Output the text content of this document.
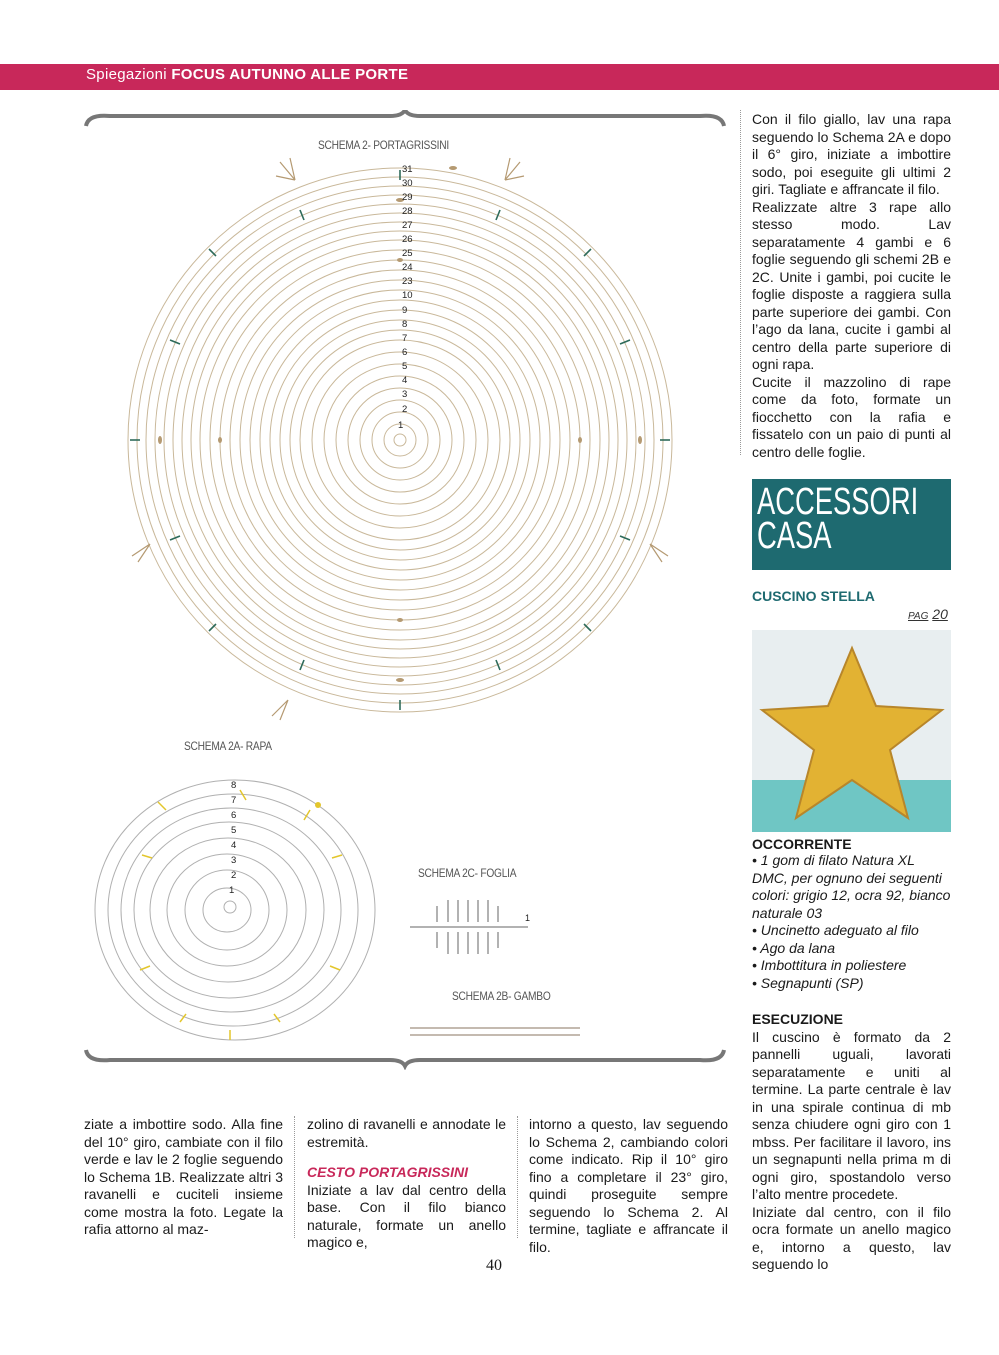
Spiegazioni FOCUS AUTUNNO ALLE PORTE
31
30
29
28
27
26
25
24
23
10
9
8
7
6
5
4
3
2
1
8
7
6
5
4
3
2
1
1
SCHEMA 2- PORTAGRISSINI
SCHEMA 2A- RAPA
SCHEMA 2C- FOGLIA
SCHEMA 2B- GAMBO
ACCESSORI
CASA

Con il filo giallo, lav una rapa seguendo lo Schema 2A e dopo il 6° giro, iniziate a imbottire sodo, poi eseguite gli ultimi 2 giri. Tagliate e affrancate il filo.

Realizzate altre 3 rape allo stesso modo. Lav separatamente 4 gambi e 6 foglie seguendo gli schemi 2B e 2C. Unite i gambi, poi cucite le foglie disposte a raggiera sulla parte superiore dei gambi. Con l’ago da lana, cucite i gambi al centro della parte superiore di ogni rapa.

Cucite il mazzolino di rape come da foto, formate un fiocchetto con la rafia e fissatelo con un paio di punti al centro delle foglie.

CUSCINO STELLA
PAG 20
OCCORRENTE
• 1 gom di filato Natura XL DMC, per ognuno dei seguenti colori: grigio 12, ocra 92, bianco naturale 03
• Uncinetto adeguato al filo
• Ago da lana
• Imbottitura in poliestere
• Segnapunti (SP)
ESECUZIONE

Il cuscino è formato da 2 pannelli uguali, lavorati separatamente e uniti al termine. La parte centrale è lav in una spirale continua di mb senza chiudere ogni giro con 1 mbss. Per facilitare il lavoro, ins un segnapunti nella prima m di ogni giro, spostandolo verso l’alto mentre procedete.

Iniziate dal centro, con il filo ocra formate un anello magico e, intorno a questo, lav seguendo lo

ziate a imbottire sodo. Alla fine del 10° giro, cambiate con il filo verde e lav le 2 foglie seguendo lo Schema 1B. Realizzate altri 3 ravanelli e cuciteli insieme come mostra la foto. Legate la rafia attorno al maz-

zolino di ravanelli e annodate le estremità.

CESTO PORTAGRISSINI

Iniziate a lav dal centro della base. Con il filo bianco naturale, formate un anello magico e,

intorno a questo, lav seguendo lo Schema 2, cambiando colori come indicato. Rip il 10° giro fino a completare il 23° giro, quindi proseguite sempre seguendo lo Schema 2. Al termine, tagliate e affrancate il filo.

40
